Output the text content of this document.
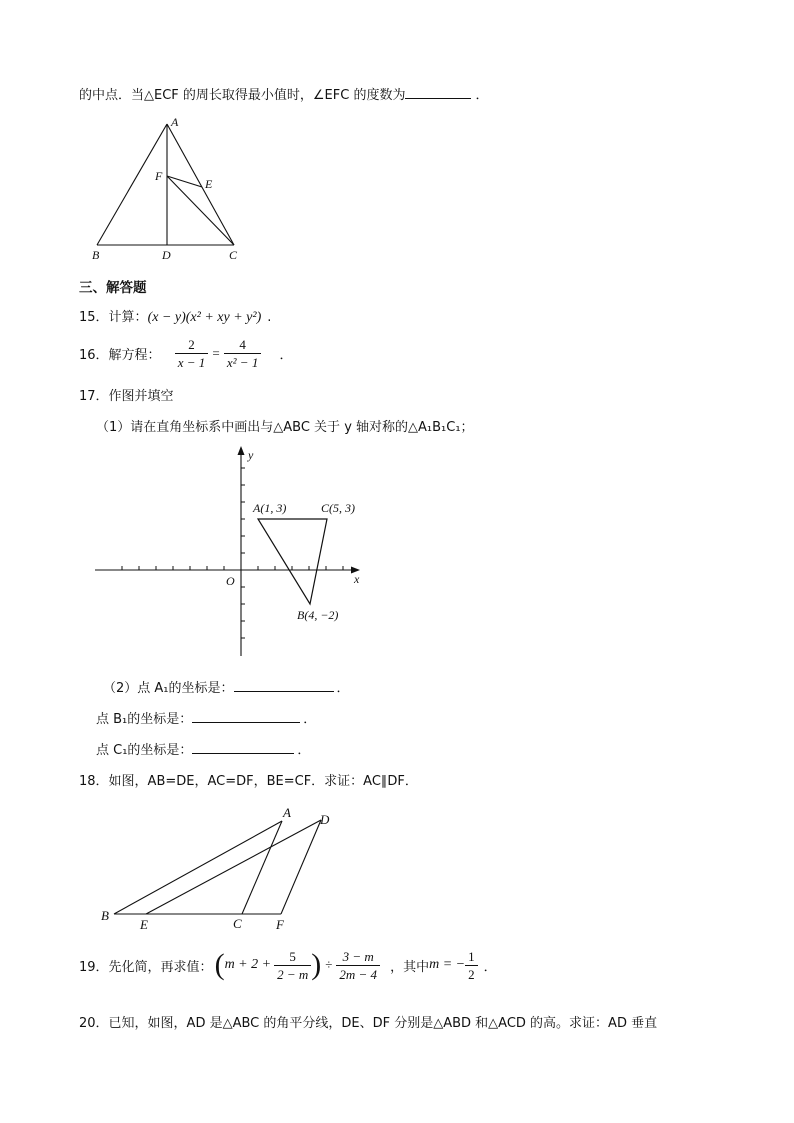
的中点．当△ECF 的周长取得最小值时，∠EFC 的度数为	．
A
F
E
B	D	C
三、解答题
15．计算：(x − y)(x² + xy + y²) .
16．解方程： $\frac{2}{x - 1} = \frac{4}{\text{x² − 1}}$ ．
17．作图并填空
（1）请在直角坐标系中画出与△ABC 关于 y 轴对称的△A₁B₁C₁；
y
x
O
A(1, 3)	C(5, 3)
B(4, −2)
（2）点 A₁的坐标是：	．
点 B₁的坐标是：	．
点 C₁的坐标是：	．
18．如图，AB=DE，AC=DF，BE=CF．求证：AC∥DF．
A D
B
E	C	F
19． 先化简，再求值： ( $m + 2 + \frac{5}{2 - m}$ ) ÷ $\frac{3 - m}{2m - 4}$ ，其中 m = − $\frac{1}{2}$ ．
20．已知，如图，AD 是△ABC 的角平分线，DE、DF 分别是△ABD 和△ACD 的高。求证：AD 垂直
